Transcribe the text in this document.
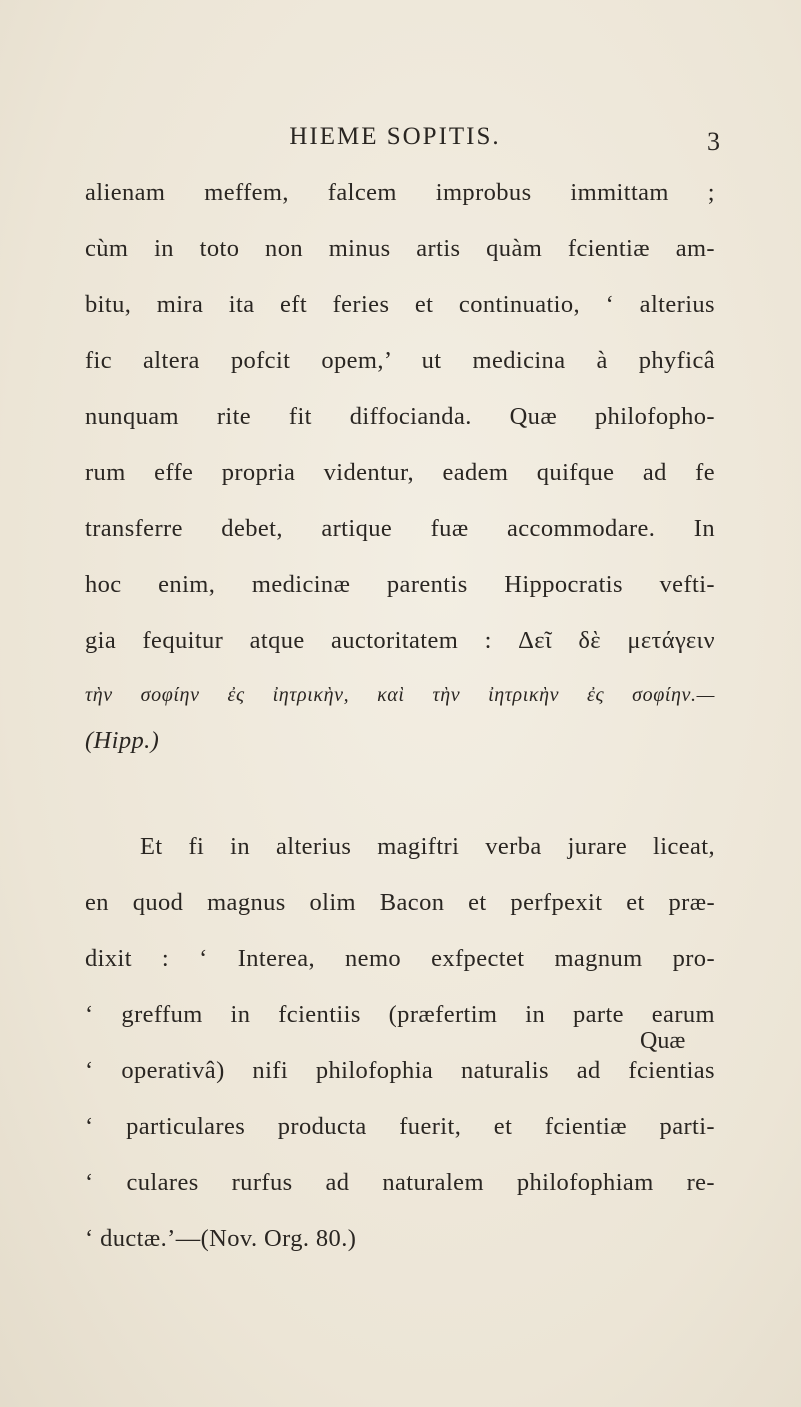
HIEME SOPITIS.	3
alienam meffem, falcem improbus immittam ;
cùm in toto non minus artis quàm fcientiæ am-
bitu, mira ita eft feries et continuatio, ‘ alterius
fic altera pofcit opem,’ ut medicina à phyficâ
nunquam rite fit diffocianda. Quæ philofopho-
rum effe propria videntur, eadem quifque ad fe
transferre debet, artique fuæ accommodare. In
hoc enim, medicinæ parentis Hippocratis vefti-
gia fequitur atque auctoritatem : Δεῖ δὲ μετάγειν
τὴν σοφίην ἐς ἰητρικὴν, καὶ τὴν ἰητρικὴν ἐς σοφίην.—
(Hipp.)
Et fi in alterius magiftri verba jurare liceat,
en quod magnus olim Bacon et perfpexit et præ-
dixit : ‘ Interea, nemo exfpectet magnum pro-
‘ greffum in fcientiis (præfertim in parte earum
‘ operativâ) nifi philofophia naturalis ad fcientias
‘ particulares producta fuerit, et fcientiæ parti-
‘ culares rurfus ad naturalem philofophiam re-
‘ ductæ.’—(Nov. Org. 80.)
Quæ
